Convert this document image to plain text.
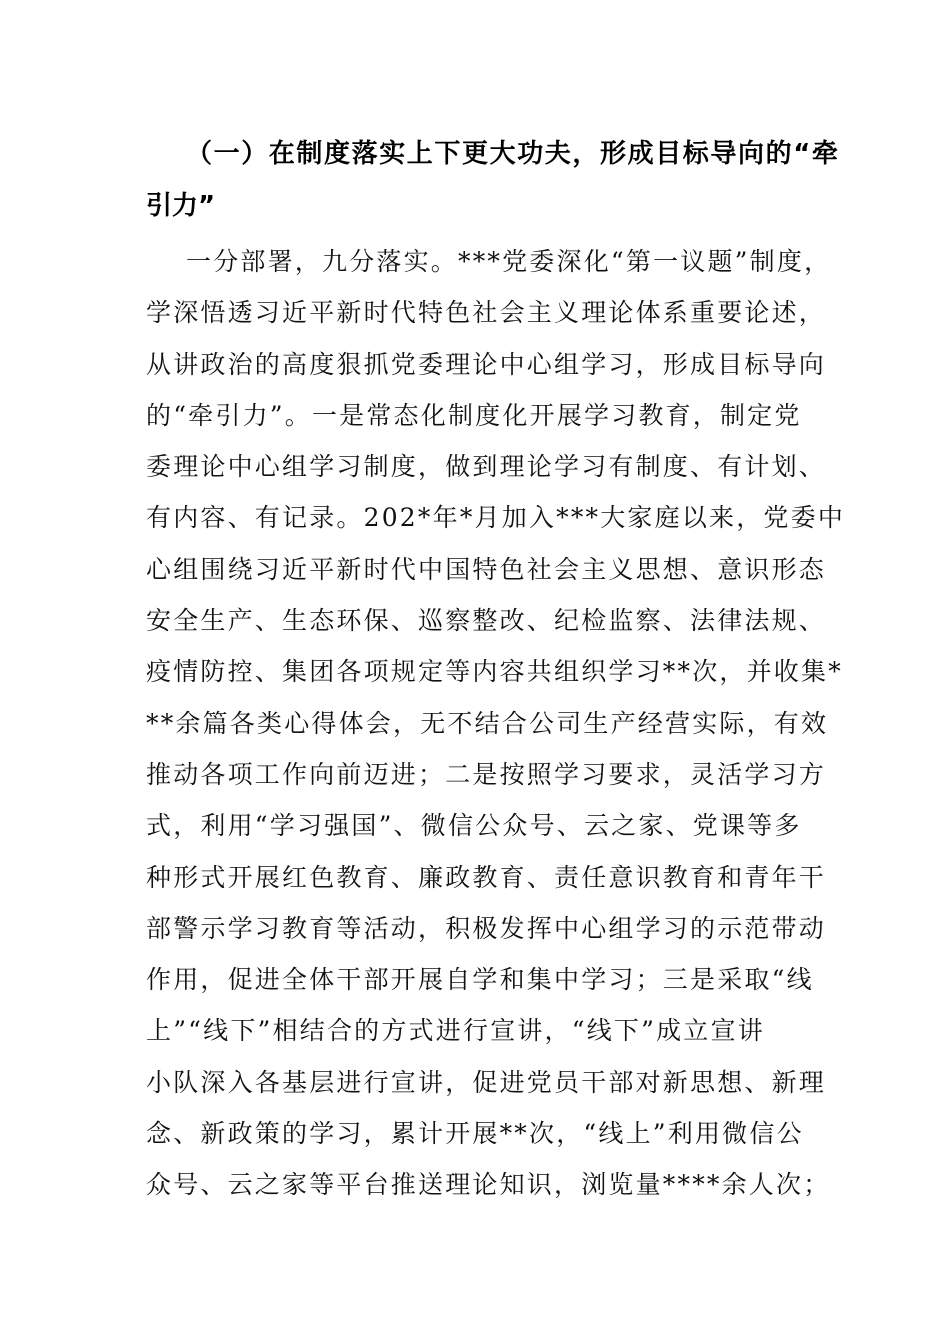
（一）在制度落实上下更大功夫，形成目标导向的“牵
引力”
一分部署，九分落实。***党委深化“第一议题”制度，
学深悟透习近平新时代特色社会主义理论体系重要论述，
从讲政治的高度狠抓党委理论中心组学习，形成目标导向
的“牵引力”。一是常态化制度化开展学习教育，制定党
委理论中心组学习制度，做到理论学习有制度、有计划、
有内容、有记录。202*年*月加入***大家庭以来，党委中
心组围绕习近平新时代中国特色社会主义思想、意识形态
安全生产、生态环保、巡察整改、纪检监察、法律法规、
疫情防控、集团各项规定等内容共组织学习**次，并收集*
**余篇各类心得体会，无不结合公司生产经营实际，有效
推动各项工作向前迈进；二是按照学习要求，灵活学习方
式，利用“学习强国”、微信公众号、云之家、党课等多
种形式开展红色教育、廉政教育、责任意识教育和青年干
部警示学习教育等活动，积极发挥中心组学习的示范带动
作用，促进全体干部开展自学和集中学习；三是采取“线
上”“线下”相结合的方式进行宣讲，“线下”成立宣讲
小队深入各基层进行宣讲，促进党员干部对新思想、新理
念、新政策的学习，累计开展**次，“线上”利用微信公
众号、云之家等平台推送理论知识，浏览量****余人次；
